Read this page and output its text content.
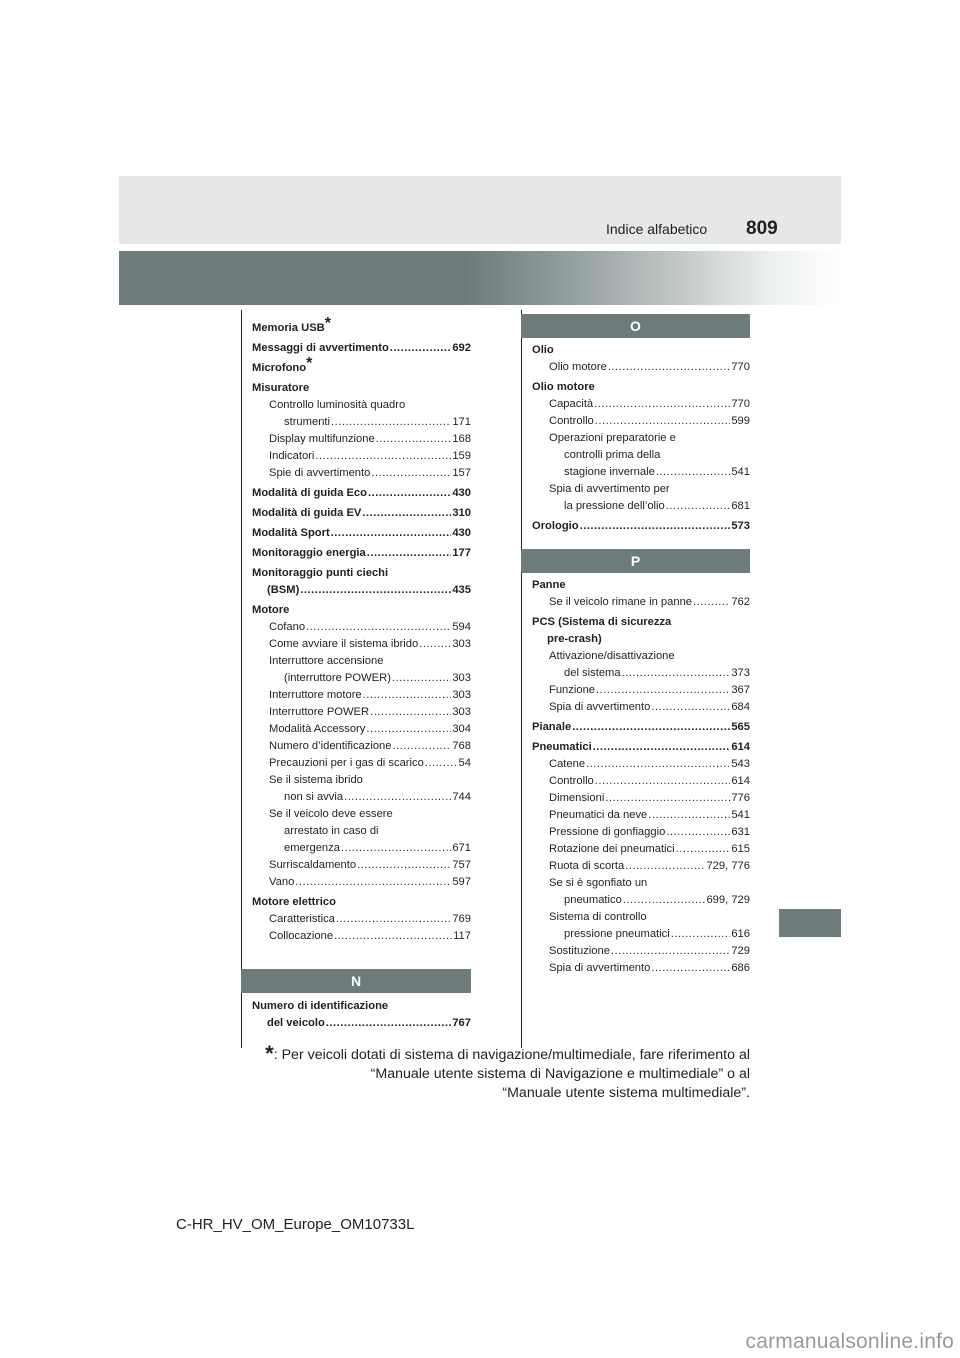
Indice alfabetico 809
Memoria USB*
Messaggi di avvertimento .....	692
Microfono*
Misuratore
Controllo luminosità quadro
strumenti .....	171
Display multifunzione .....	168
Indicatori .....	159
Spie di avvertimento .....	157
Modalità di guida Eco .....	430
Modalità di guida EV .....	310
Modalità Sport .....	430
Monitoraggio energia .....	177
Monitoraggio punti ciechi
(BSM) .....	435
Motore
Cofano .....	594
Come avviare il sistema ibrido .....	303
Interruttore accensione
(interruttore POWER) .....	303
Interruttore motore .....	303
Interruttore POWER .....	303
Modalità Accessory .....	304
Numero d’identificazione .....	768
Precauzioni per i gas di scarico .....	54
Se il sistema ibrido
non si avvia .....	744
Se il veicolo deve essere
arrestato in caso di
emergenza .....	671
Surriscaldamento .....	757
Vano .....	597
Motore elettrico
Caratteristica .....	769
Collocazione .....	117
N
Numero di identificazione
del veicolo .....	767
O
Olio
Olio motore .....	770
Olio motore
Capacità .....	770
Controllo .....	599
Operazioni preparatorie e
controlli prima della
stagione invernale .....	541
Spia di avvertimento per
la pressione dell’olio .....	681
Orologio .....	573
P
Panne
Se il veicolo rimane in panne .....	762
PCS (Sistema di sicurezza
pre-crash)
Attivazione/disattivazione
del sistema .....	373
Funzione .....	367
Spia di avvertimento .....	684
Pianale .....	565
Pneumatici .....	614
Catene .....	543
Controllo .....	614
Dimensioni .....	776
Pneumatici da neve .....	541
Pressione di gonfiaggio .....	631
Rotazione dei pneumatici .....	615
Ruota di scorta .....	729, 776
Se si è sgonfiato un
pneumatico .....	699, 729
Sistema di controllo
pressione pneumatici .....	616
Sostituzione .....	729
Spia di avvertimento .....	686
*: Per veicoli dotati di sistema di navigazione/multimediale, fare riferimento al
“Manuale utente sistema di Navigazione e multimediale” o al
“Manuale utente sistema multimediale”.
C-HR_HV_OM_Europe_OM10733L
carmanualsonline.info
